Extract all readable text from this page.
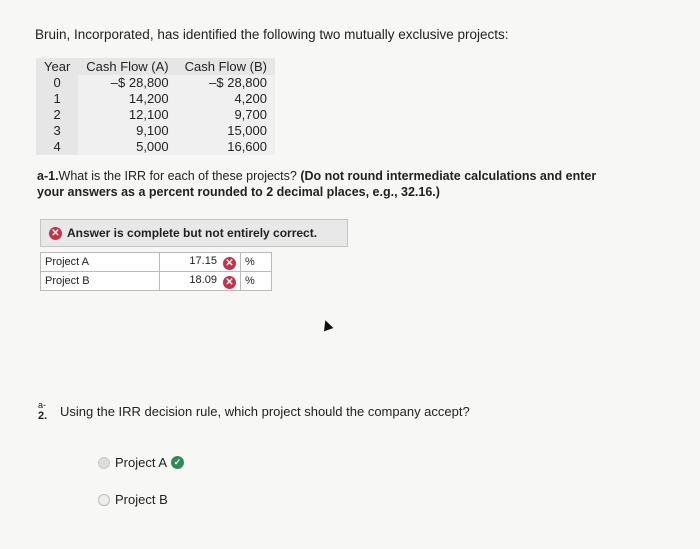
Bruin, Incorporated, has identified the following two mutually exclusive projects:
Year	Cash Flow (A)	Cash Flow (B)
0	–$ 28,800	–$ 28,800
1	14,200	4,200
2	12,100	9,700
3	9,100	15,000
4	5,000	16,600
a-1.What is the IRR for each of these projects? (Do not round intermediate calculations and enter your answers as a percent rounded to 2 decimal places, e.g., 32.16.)
✕ Answer is complete but not entirely correct.
Project A	17.15 ✕	%
Project B	18.09 ✕	%
a-
2. Using the IRR decision rule, which project should the company accept?
Project A ✓
Project B
